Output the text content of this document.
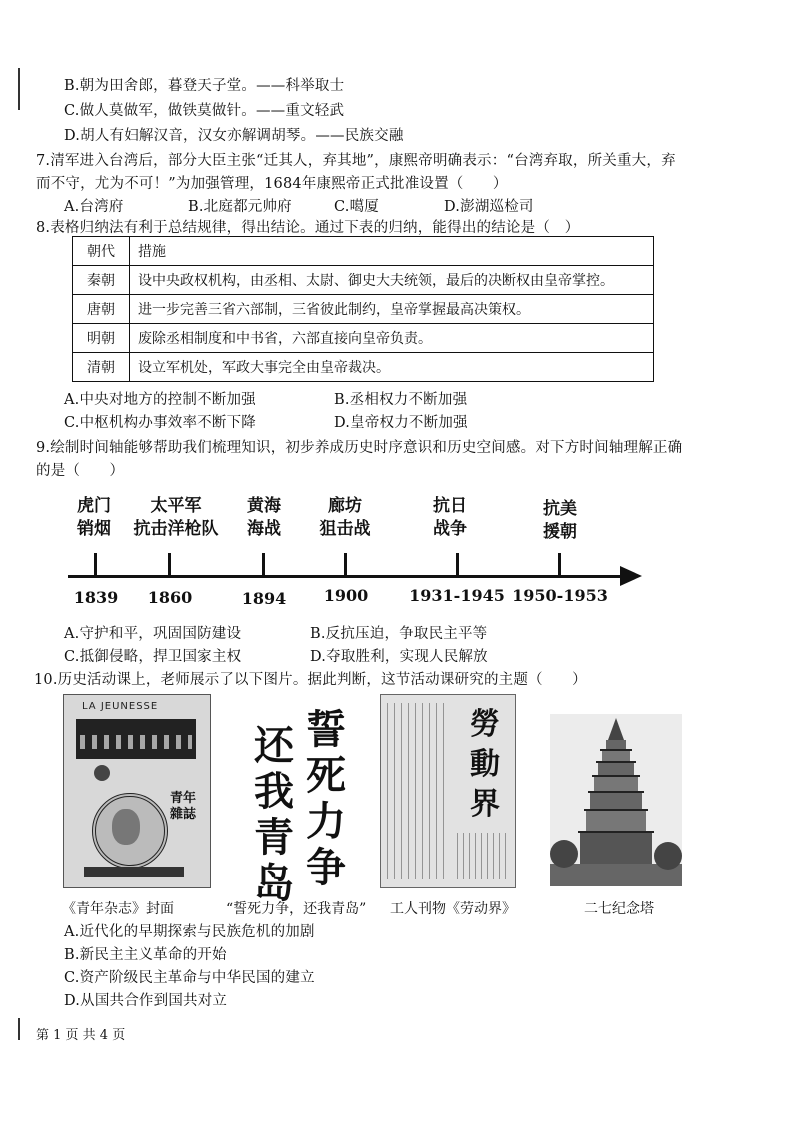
B.朝为田舍郎，暮登天子堂。——科举取士
C.做人莫做军，做铁莫做针。——重文轻武
D.胡人有妇解汉音，汉女亦解调胡琴。——民族交融
7.清军进入台湾后，部分大臣主张“迁其人，弃其地”，康熙帝明确表示：“台湾弃取，所关重大，弃
而不守，尤为不可！”为加强管理，1684年康熙帝正式批准设置（　　）
A.台湾府	B.北庭都元帅府	C.噶厦	D.澎湖巡检司
8.表格归纳法有利于总结规律，得出结论。通过下表的归纳，能得出的结论是（　）
朝代	措施
秦朝	设中央政权机构，由丞相、太尉、御史大夫统领，最后的决断权由皇帝掌控。
唐朝	进一步完善三省六部制，三省彼此制约，皇帝掌握最高决策权。
明朝	废除丞相制度和中书省，六部直接向皇帝负责。
清朝	设立军机处，军政大事完全由皇帝裁决。
A.中央对地方的控制不断加强	B.丞相权力不断加强
C.中枢机构办事效率不断下降	D.皇帝权力不断加强
9.绘制时间轴能够帮助我们梳理知识，初步养成历史时序意识和历史空间感。对下方时间轴理解正确
的是（　　）
虎门
销烟
太平军
抗击洋枪队
黄海
海战
廊坊
狙击战
抗日
战争
抗美
援朝
1839	1860	1894	1900	1931-1945 1950-1953
A.守护和平，巩固国防建设	B.反抗压迫，争取民主平等
C.抵御侵略，捍卫国家主权	D.夺取胜利，实现人民解放
10.历史活动课上，老师展示了以下图片。据此判断，这节活动课研究的主题（　　）
LA JEUNESSE
青年雜誌
《青年杂志》封面
誓
死
力
争
还
我
青
岛
“誓死力争，还我青岛”
勞動界
工人刊物《劳动界》	二七纪念塔
A.近代化的早期探索与民族危机的加剧
B.新民主主义革命的开始
C.资产阶级民主革命与中华民国的建立
D.从国共合作到国共对立
第 1 页 共 4 页
